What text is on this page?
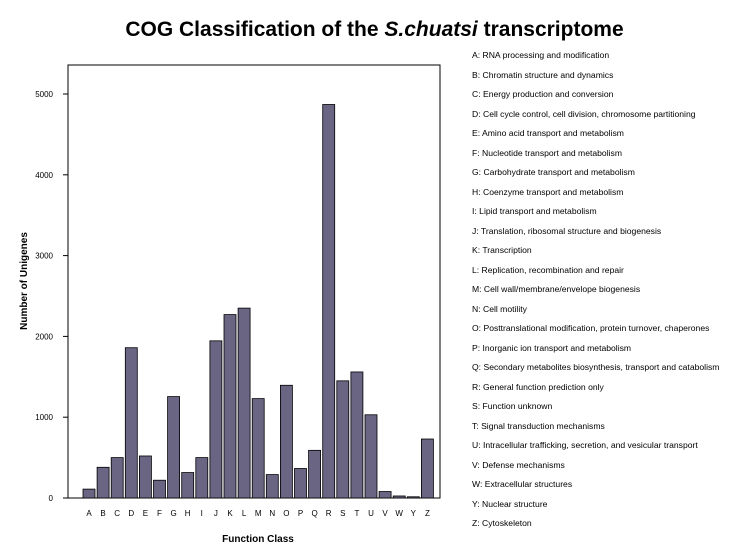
COG Classification of the S.chuatsi transcriptome
0
1000
2000
3000
4000
5000
A B C D E F G H I J K L M N O P Q R S T U V W Y Z
Number of Unigenes
Function Class
A: RNA processing and modification
B: Chromatin structure and dynamics
C: Energy production and conversion
D: Cell cycle control, cell division, chromosome partitioning
E: Amino acid transport and metabolism
F: Nucleotide transport and metabolism
G: Carbohydrate transport and metabolism
H: Coenzyme transport and metabolism
I: Lipid transport and metabolism
J: Translation, ribosomal structure and biogenesis
K: Transcription
L: Replication, recombination and repair
M: Cell wall/membrane/envelope biogenesis
N: Cell motility
O: Posttranslational modification, protein turnover, chaperones
P: Inorganic ion transport and metabolism
Q: Secondary metabolites biosynthesis, transport and catabolism
R: General function prediction only
S: Function unknown
T: Signal transduction mechanisms
U: Intracellular trafficking, secretion, and vesicular transport
V: Defense mechanisms
W: Extracellular structures
Y: Nuclear structure
Z: Cytoskeleton
